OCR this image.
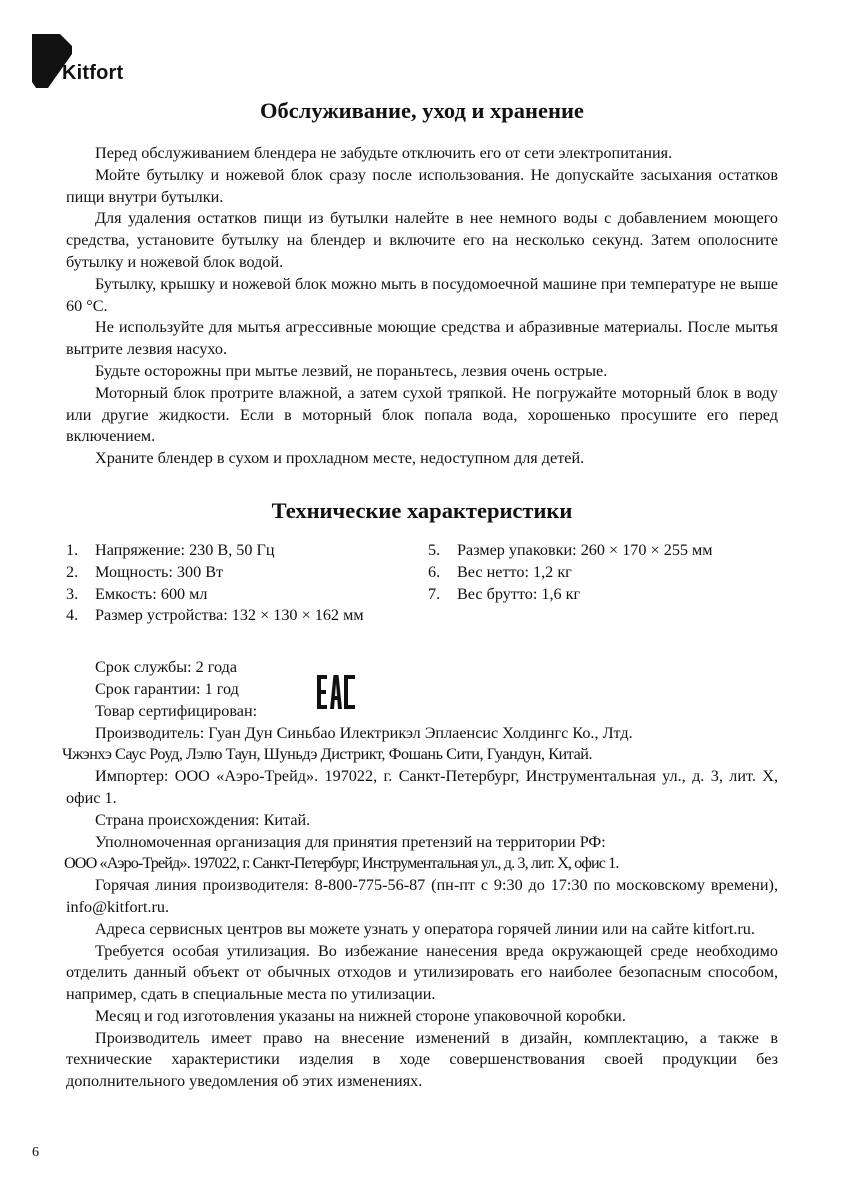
Kitfort
Обслуживание, уход и хранение

Перед обслуживанием блендера не забудьте отключить его от сети электропитания.

Мойте бутылку и ножевой блок сразу после использования. Не допускайте засыхания остатков пищи внутри бутылки.

Для удаления остатков пищи из бутылки налейте в нее немного воды с добавлением моющего средства, установите бутылку на блендер и включите его на несколько секунд. Затем ополосните бутылку и ножевой блок водой.

Бутылку, крышку и ножевой блок можно мыть в посудомоечной машине при температуре не выше 60 °C.

Не используйте для мытья агрессивные моющие средства и абразивные материалы. После мытья вытрите лезвия насухо.

Будьте осторожны при мытье лезвий, не пораньтесь, лезвия очень острые.

Моторный блок протрите влажной, а затем сухой тряпкой. Не погружайте моторный блок в воду или другие жидкости. Если в моторный блок попала вода, хорошенько просушите его перед включением.

Храните блендер в сухом и прохладном месте, недоступном для детей.

Технические характеристики
1. Напряжение: 230 В, 50 Гц
2. Мощность: 300 Вт
3. Емкость: 600 мл
4. Размер устройства: 132 × 130 × 162 мм
5. Размер упаковки: 260 × 170 × 255 мм
6. Вес нетто: 1,2 кг
7. Вес брутто: 1,6 кг

Срок службы: 2 года

Срок гарантии: 1 год

Товар сертифицирован:

Производитель: Гуан Дун Синьбао Илектрикэл Эплаенсис Холдингс Ко., Лтд.

Чжэнхэ Саус Роуд, Лэлю Таун, Шуньдэ Дистрикт, Фошань Сити, Гуандун, Китай.

Импортер: ООО «Аэро-Трейд». 197022, г. Санкт-Петербург, Инструментальная ул., д. 3, лит. Х, офис 1.

Страна происхождения: Китай.

Уполномоченная организация для принятия претензий на территории РФ:

ООО «Аэро-Трейд». 197022, г. Санкт-Петербург, Инструментальная ул., д. 3, лит. Х, офис 1.

Горячая линия производителя: 8-800-775-56-87 (пн-пт с 9:30 до 17:30 по московскому времени), info@kitfort.ru.

Адреса сервисных центров вы можете узнать у оператора горячей линии или на сайте kitfort.ru.

Требуется особая утилизация. Во избежание нанесения вреда окружающей среде необходимо отделить данный объект от обычных отходов и утилизировать его наиболее безопасным способом, например, сдать в специальные места по утилизации.

Месяц и год изготовления указаны на нижней стороне упаковочной коробки.

Производитель имеет право на внесение изменений в дизайн, комплектацию, а также в технические характеристики изделия в ходе совершенствования своей продукции без дополнительного уведомления об этих изменениях.

6
